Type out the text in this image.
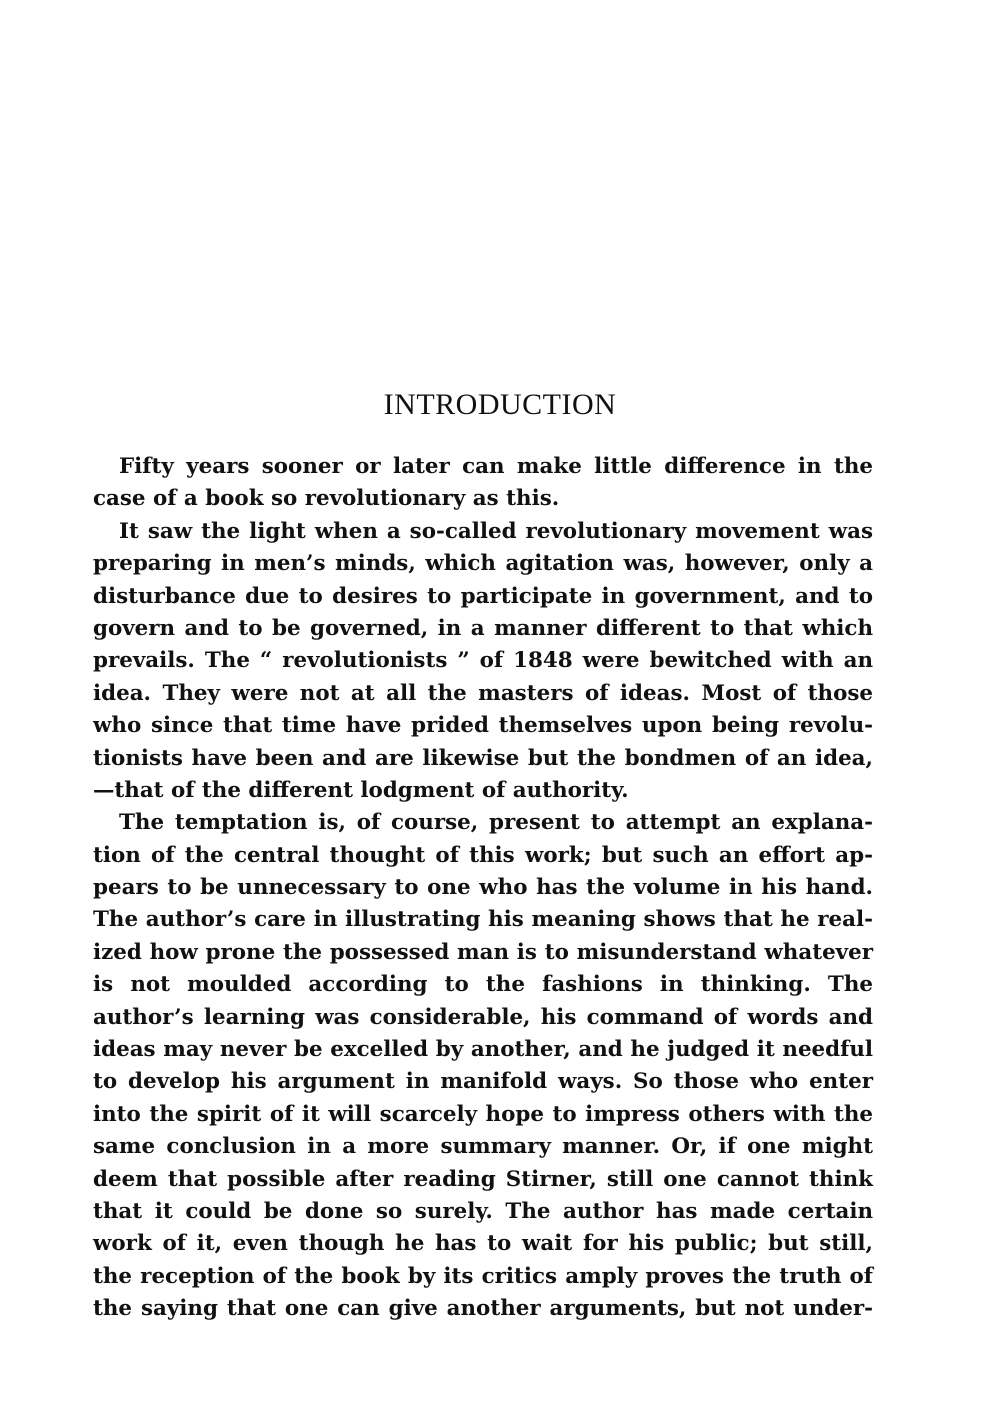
INTRODUCTION
Fifty years sooner or later can make little difference in the
case of a book so revolutionary as this.
It saw the light when a so-called revolutionary movement was
preparing in men’s minds, which agitation was, however, only a
disturbance due to desires to participate in government, and to
govern and to be governed, in a manner different to that which
prevails. The “ revolutionists ” of 1848 were bewitched with an
idea. They were not at all the masters of ideas. Most of those
who since that time have prided themselves upon being revolu-
tionists have been and are likewise but the bondmen of an idea,
—that of the different lodgment of authority.
The temptation is, of course, present to attempt an explana-
tion of the central thought of this work; but such an effort ap-
pears to be unnecessary to one who has the volume in his hand.
The author’s care in illustrating his meaning shows that he real-
ized how prone the possessed man is to misunderstand whatever
is not moulded according to the fashions in thinking. The
author’s learning was considerable, his command of words and
ideas may never be excelled by another, and he judged it needful
to develop his argument in manifold ways. So those who enter
into the spirit of it will scarcely hope to impress others with the
same conclusion in a more summary manner. Or, if one might
deem that possible after reading Stirner, still one cannot think
that it could be done so surely. The author has made certain
work of it, even though he has to wait for his public; but still,
the reception of the book by its critics amply proves the truth of
the saying that one can give another arguments, but not under-
